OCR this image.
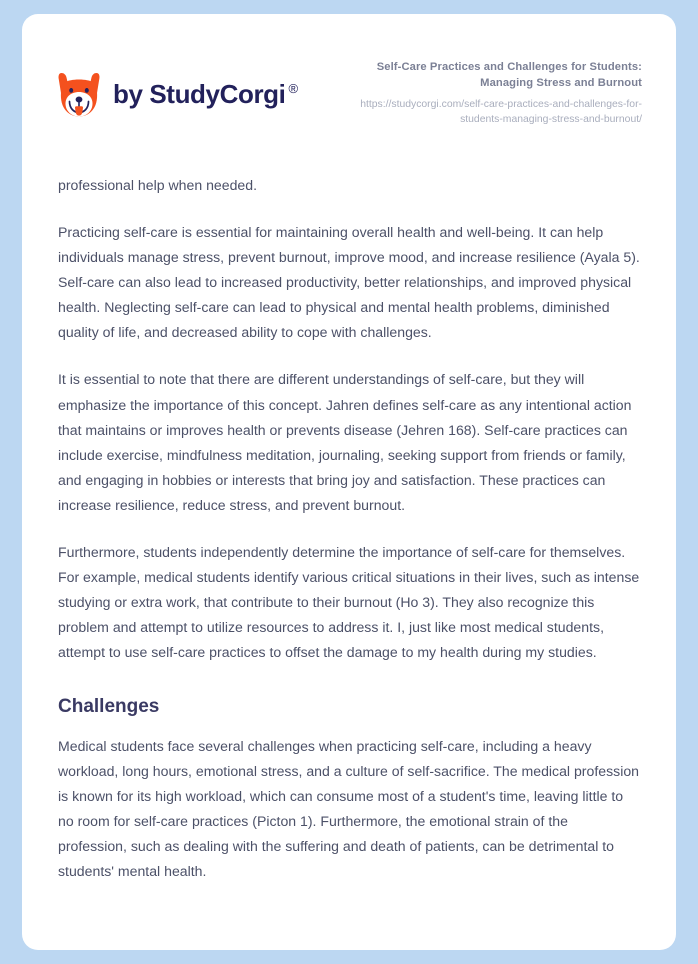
by StudyCorgi ®
Self-Care Practices and Challenges for Students: Managing Stress and Burnout
https://studycorgi.com/self-care-practices-and-challenges-for-students-managing-stress-and-burnout/

professional help when needed.

Practicing self-care is essential for maintaining overall health and well-being. It can help individuals manage stress, prevent burnout, improve mood, and increase resilience (Ayala 5). Self-care can also lead to increased productivity, better relationships, and improved physical health. Neglecting self-care can lead to physical and mental health problems, diminished quality of life, and decreased ability to cope with challenges.

It is essential to note that there are different understandings of self-care, but they will emphasize the importance of this concept. Jahren defines self-care as any intentional action that maintains or improves health or prevents disease (Jehren 168). Self-care practices can include exercise, mindfulness meditation, journaling, seeking support from friends or family, and engaging in hobbies or interests that bring joy and satisfaction. These practices can increase resilience, reduce stress, and prevent burnout.

Furthermore, students independently determine the importance of self-care for themselves. For example, medical students identify various critical situations in their lives, such as intense studying or extra work, that contribute to their burnout (Ho 3). They also recognize this problem and attempt to utilize resources to address it. I, just like most medical students, attempt to use self-care practices to offset the damage to my health during my studies.

Challenges

Medical students face several challenges when practicing self-care, including a heavy workload, long hours, emotional stress, and a culture of self-sacrifice. The medical profession is known for its high workload, which can consume most of a student's time, leaving little to no room for self-care practices (Picton 1). Furthermore, the emotional strain of the profession, such as dealing with the suffering and death of patients, can be detrimental to students' mental health.
